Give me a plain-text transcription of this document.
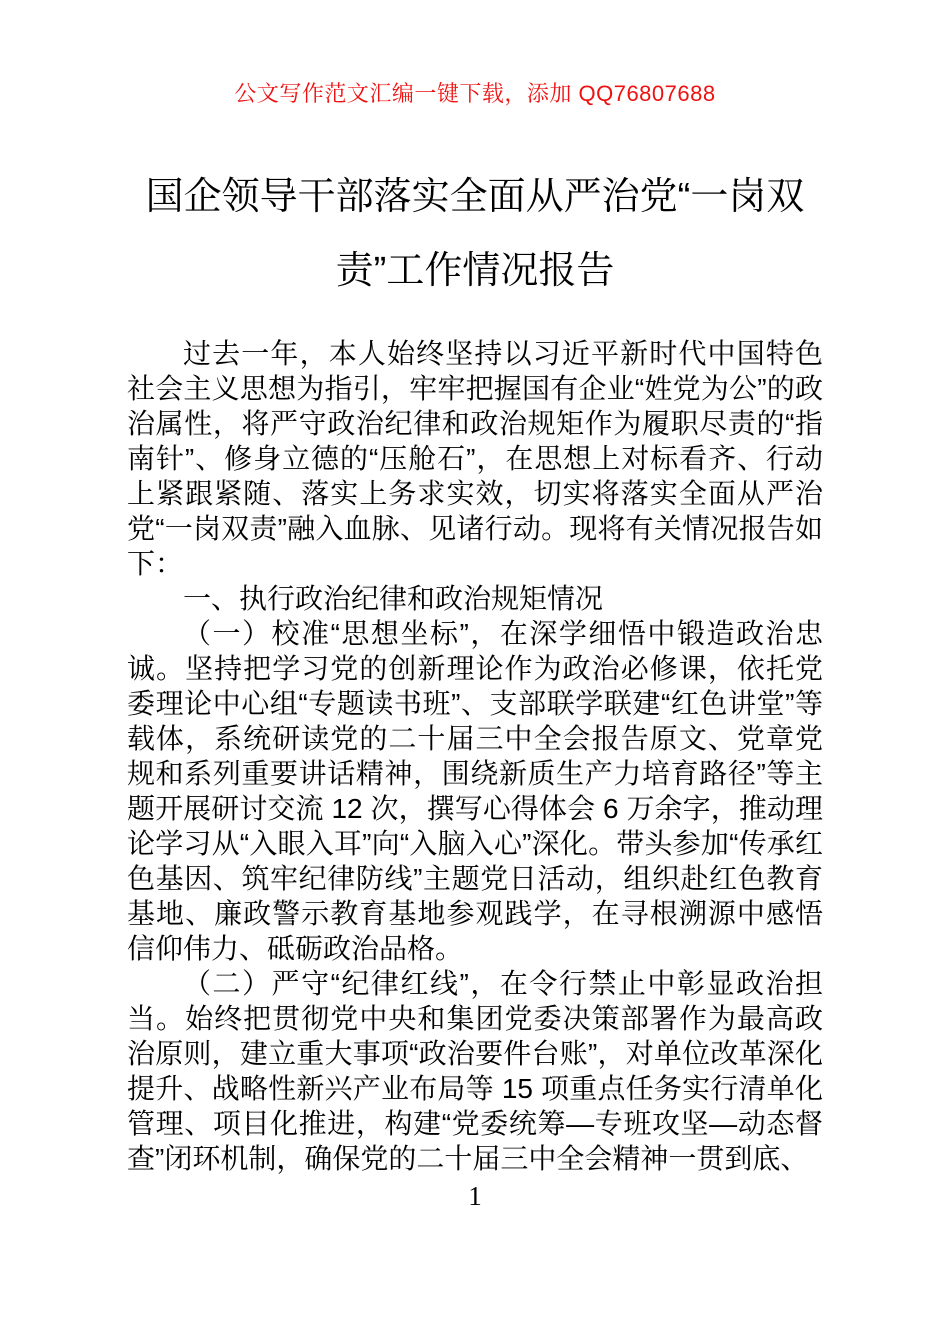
公文写作范文汇编一键下载，添加 QQ76807688
国企领导干部落实全面从严治党“一岗双
责”工作情况报告

过去一年，本人始终坚持以习近平新时代中国特色社会主义思想为指引，牢牢把握国有企业“姓党为公”的政治属性，将严守政治纪律和政治规矩作为履职尽责的“指南针”、修身立德的“压舱石”，在思想上对标看齐、行动上紧跟紧随、落实上务求实效，切实将落实全面从严治党“一岗双责”融入血脉、见诸行动。现将有关情况报告如下：

一、执行政治纪律和政治规矩情况

（一）校准“思想坐标”，在深学细悟中锻造政治忠诚。坚持把学习党的创新理论作为政治必修课，依托党委理论中心组“专题读书班”、支部联学联建“红色讲堂”等载体，系统研读党的二十届三中全会报告原文、党章党规和系列重要讲话精神，围绕新质生产力培育路径”等主题开展研讨交流 12 次，撰写心得体会 6 万余字，推动理论学习从“入眼入耳”向“入脑入心”深化。带头参加“传承红色基因、筑牢纪律防线”主题党日活动，组织赴红色教育基地、廉政警示教育基地参观践学，在寻根溯源中感悟信仰伟力、砥砺政治品格。

（二）严守“纪律红线”，在令行禁止中彰显政治担当。始终把贯彻党中央和集团党委决策部署作为最高政治原则，建立重大事项“政治要件台账”，对单位改革深化提升、战略性新兴产业布局等 15 项重点任务实行清单化管理、项目化推进，构建“党委统筹—专班攻坚—动态督查”闭环机制，确保党的二十届三中全会精神一贯到底、

1
